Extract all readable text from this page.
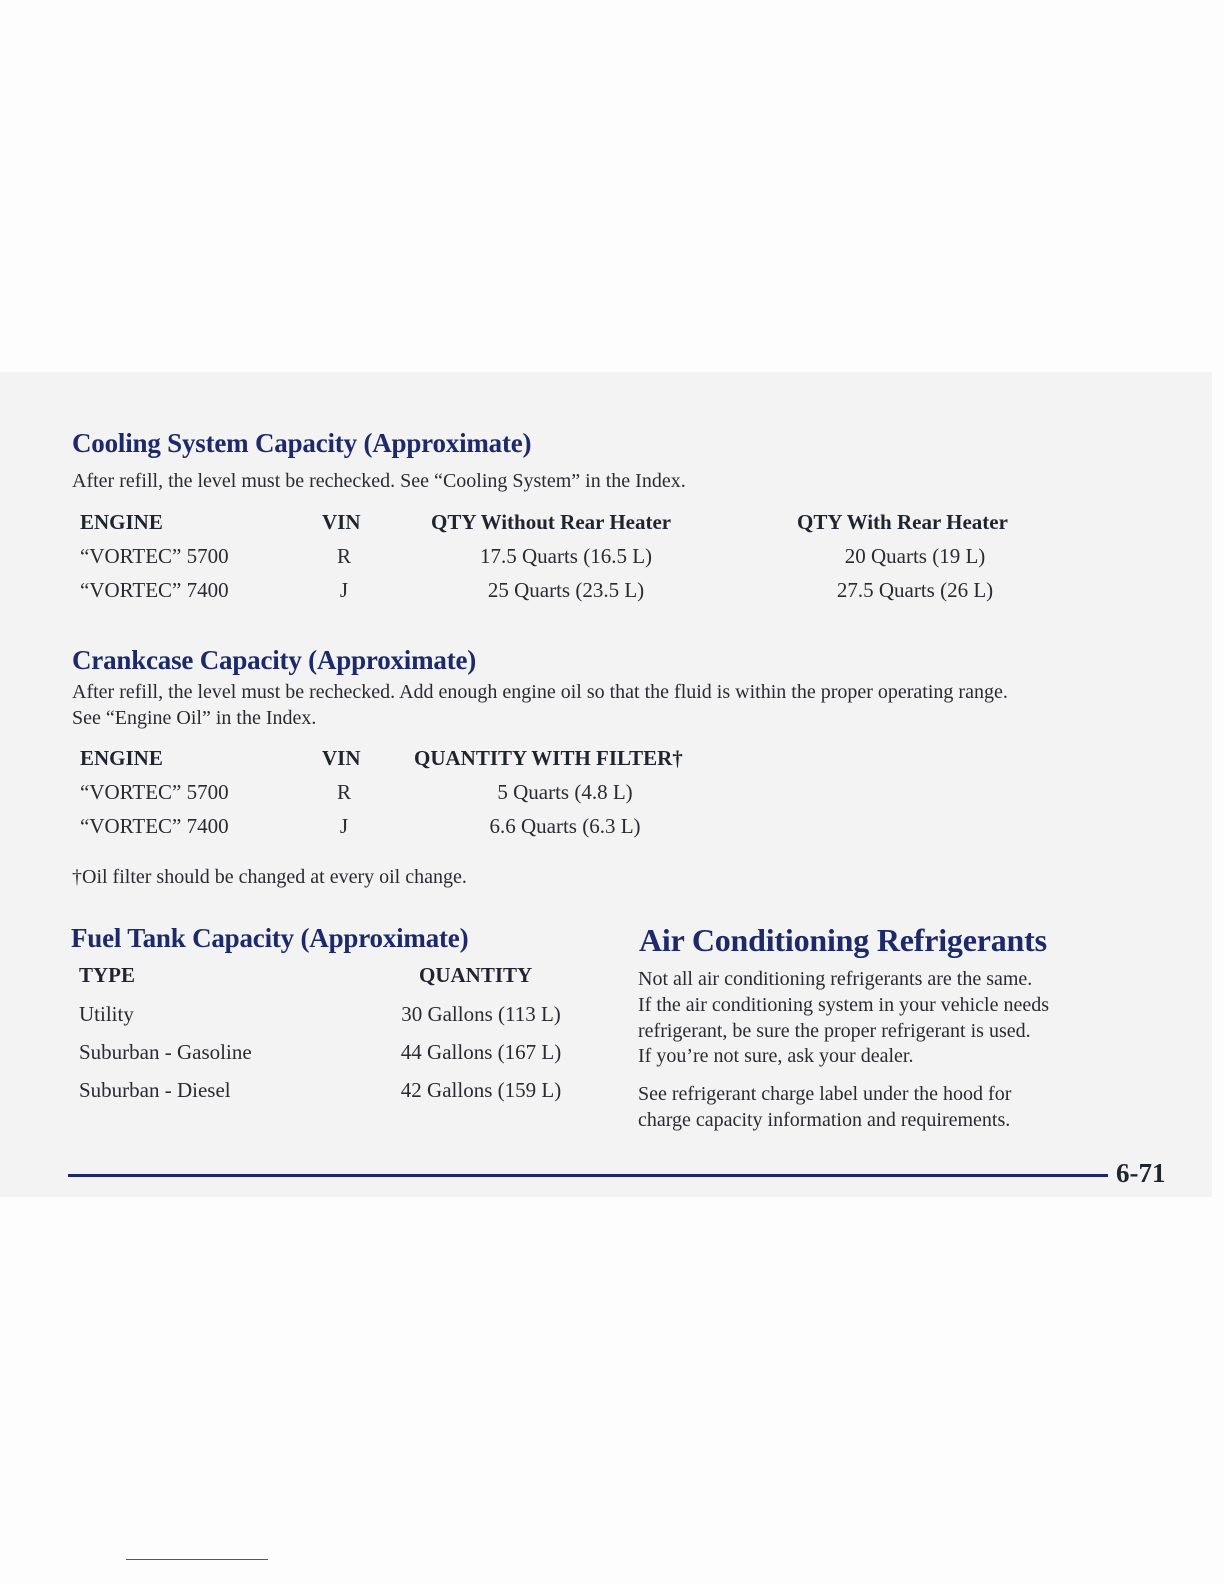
Cooling System Capacity (Approximate)
After refill, the level must be rechecked. See “Cooling System” in the Index.
ENGINE	VIN	QTY Without Rear Heater	QTY With Rear Heater
“VORTEC” 5700	R	17.5 Quarts (16.5 L)	20 Quarts (19 L)
“VORTEC” 7400	J	25 Quarts (23.5 L)	27.5 Quarts (26 L)
Crankcase Capacity (Approximate)
After refill, the level must be rechecked. Add enough engine oil so that the fluid is within the proper operating range.
See “Engine Oil” in the Index.
ENGINE	VIN	QUANTITY WITH FILTER†
“VORTEC” 5700	R	5 Quarts (4.8 L)
“VORTEC” 7400	J	6.6 Quarts (6.3 L)
†Oil filter should be changed at every oil change.
Fuel Tank Capacity (Approximate)
TYPE	QUANTITY
Utility	30 Gallons (113 L)
Suburban - Gasoline	44 Gallons (167 L)
Suburban - Diesel	42 Gallons (159 L)
Air Conditioning Refrigerants
Not all air conditioning refrigerants are the same.
If the air conditioning system in your vehicle needs
refrigerant, be sure the proper refrigerant is used.
If you’re not sure, ask your dealer.
See refrigerant charge label under the hood for
charge capacity information and requirements.
6-71
